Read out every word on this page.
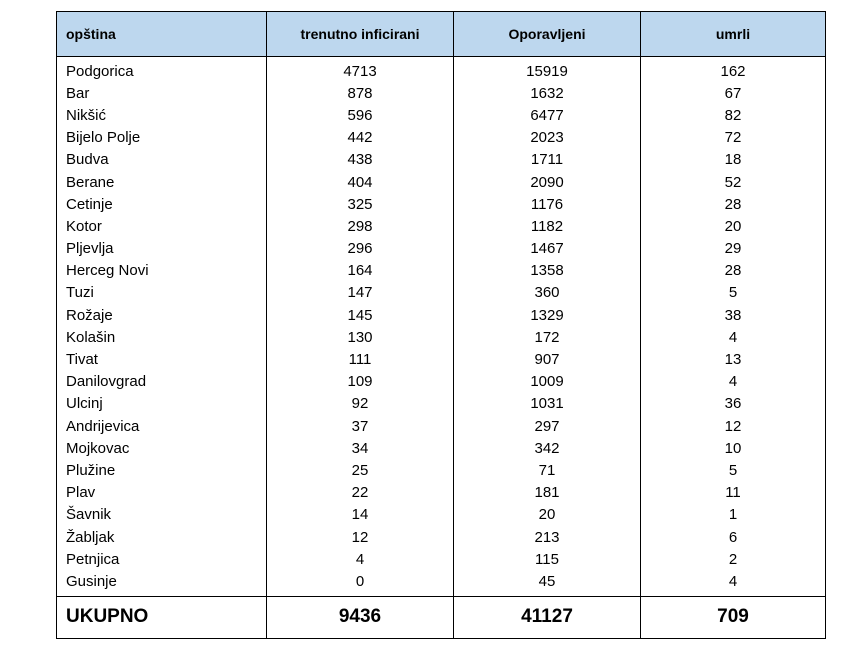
opština	trenutno inficirani	Oporavljeni	umrli
Podgorica	4713	15919	162
Bar	878	1632	67
Nikšić	596	6477	82
Bijelo Polje	442	2023	72
Budva	438	1711	18
Berane	404	2090	52
Cetinje	325	1176	28
Kotor	298	1182	20
Pljevlja	296	1467	29
Herceg Novi	164	1358	28
Tuzi	147	360	5
Rožaje	145	1329	38
Kolašin	130	172	4
Tivat	111	907	13
Danilovgrad	109	1009	4
Ulcinj	92	1031	36
Andrijevica	37	297	12
Mojkovac	34	342	10
Plužine	25	71	5
Plav	22	181	11
Šavnik	14	20	1
Žabljak	12	213	6
Petnjica	4	115	2
Gusinje	0	45	4
UKUPNO	9436	41127	709
